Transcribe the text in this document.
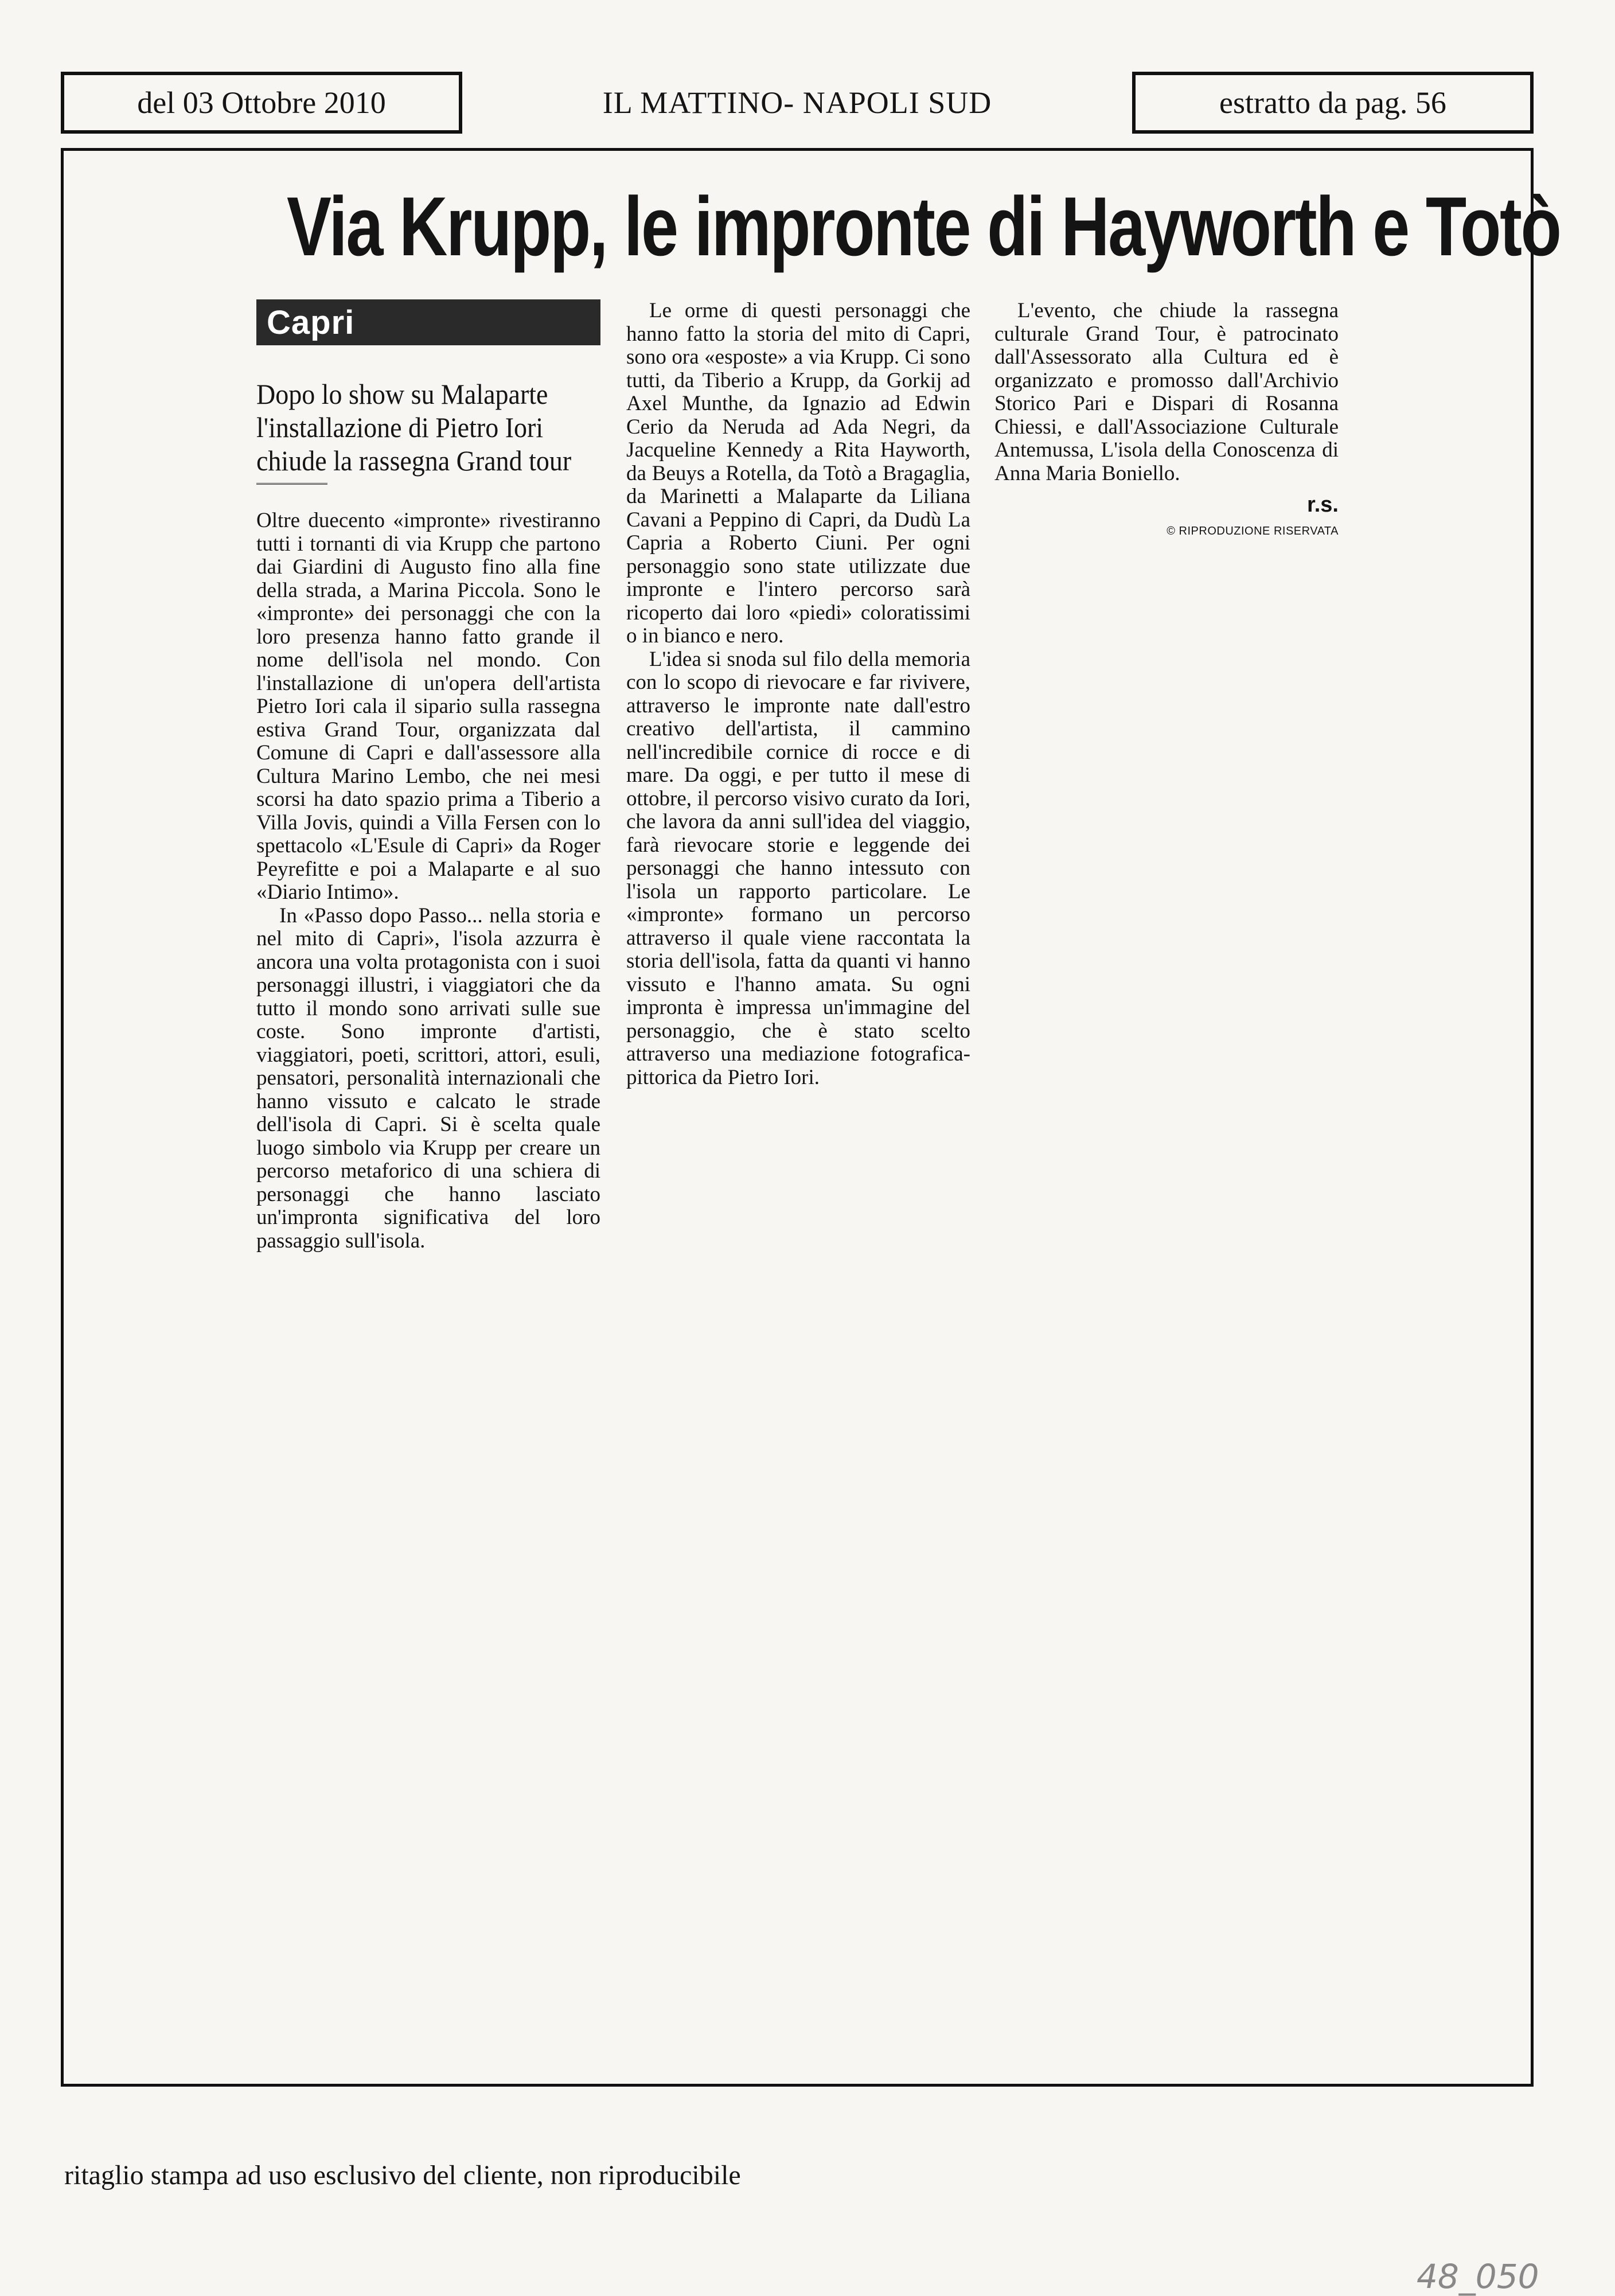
del 03 Ottobre 2010	IL MATTINO- NAPOLI SUD	estratto da pag. 56
Via Krupp, le impronte di Hayworth e Totò
Capri
Dopo lo show su Malaparte l'installazione di Pietro Iori chiude la rassegna Grand tour

Oltre duecento «impronte» rivestiranno tutti i tornanti di via Krupp che partono dai Giardini di Augusto fino alla fine della strada, a Marina Piccola. Sono le «impronte» dei personaggi che con la loro presenza hanno fatto grande il nome dell'isola nel mondo. Con l'installazione di un'opera dell'artista Pietro Iori cala il sipario sulla rassegna estiva Grand Tour, organizzata dal Comune di Capri e dall'assessore alla Cultura Marino Lembo, che nei mesi scorsi ha dato spazio prima a Tiberio a Villa Jovis, quindi a Villa Fersen con lo spettacolo «L'Esule di Capri» da Roger Peyrefitte e poi a Malaparte e al suo «Diario Intimo».

In «Passo dopo Passo... nella storia e nel mito di Capri», l'isola azzurra è ancora una volta protagonista con i suoi personaggi illustri, i viaggiatori che da tutto il mondo sono arrivati sulle sue coste. Sono impronte d'artisti, viaggiatori, poeti, scrittori, attori, esuli, pensatori, personalità internazionali che hanno vissuto e calcato le strade dell'isola di Capri. Si è scelta quale luogo simbolo via Krupp per creare un percorso metaforico di una schiera di personaggi che hanno lasciato un'impronta significativa del loro passaggio sull'isola.

Le orme di questi personaggi che hanno fatto la storia del mito di Capri, sono ora «esposte» a via Krupp. Ci sono tutti, da Tiberio a Krupp, da Gorkij ad Axel Munthe, da Ignazio ad Edwin Cerio da Neruda ad Ada Negri, da Jacqueline Kennedy a Rita Hayworth, da Beuys a Rotella, da Totò a Bragaglia, da Marinetti a Malaparte da Liliana Cavani a Peppino di Capri, da Dudù La Capria a Roberto Ciuni. Per ogni personaggio sono state utilizzate due impronte e l'intero percorso sarà ricoperto dai loro «piedi» coloratissimi o in bianco e nero.

L'idea si snoda sul filo della memoria con lo scopo di rievocare e far rivivere, attraverso le impronte nate dall'estro creativo dell'artista, il cammino nell'incredibile cornice di rocce e di mare. Da oggi, e per tutto il mese di ottobre, il percorso visivo curato da Iori, che lavora da anni sull'idea del viaggio, farà rievocare storie e leggende dei personaggi che hanno intessuto con l'isola un rapporto particolare. Le «impronte» formano un percorso attraverso il quale viene raccontata la storia dell'isola, fatta da quanti vi hanno vissuto e l'hanno amata. Su ogni impronta è impressa un'immagine del personaggio, che è stato scelto attraverso una mediazione fotografica-pittorica da Pietro Iori.

L'evento, che chiude la rassegna culturale Grand Tour, è patrocinato dall'Assessorato alla Cultura ed è organizzato e promosso dall'Archivio Storico Pari e Dispari di Rosanna Chiessi, e dall'Associazione Culturale Antemussa, L'isola della Conoscenza di Anna Maria Boniello.

r.s.
© RIPRODUZIONE RISERVATA
ritaglio stampa ad uso esclusivo del cliente, non riproducibile
48_050
